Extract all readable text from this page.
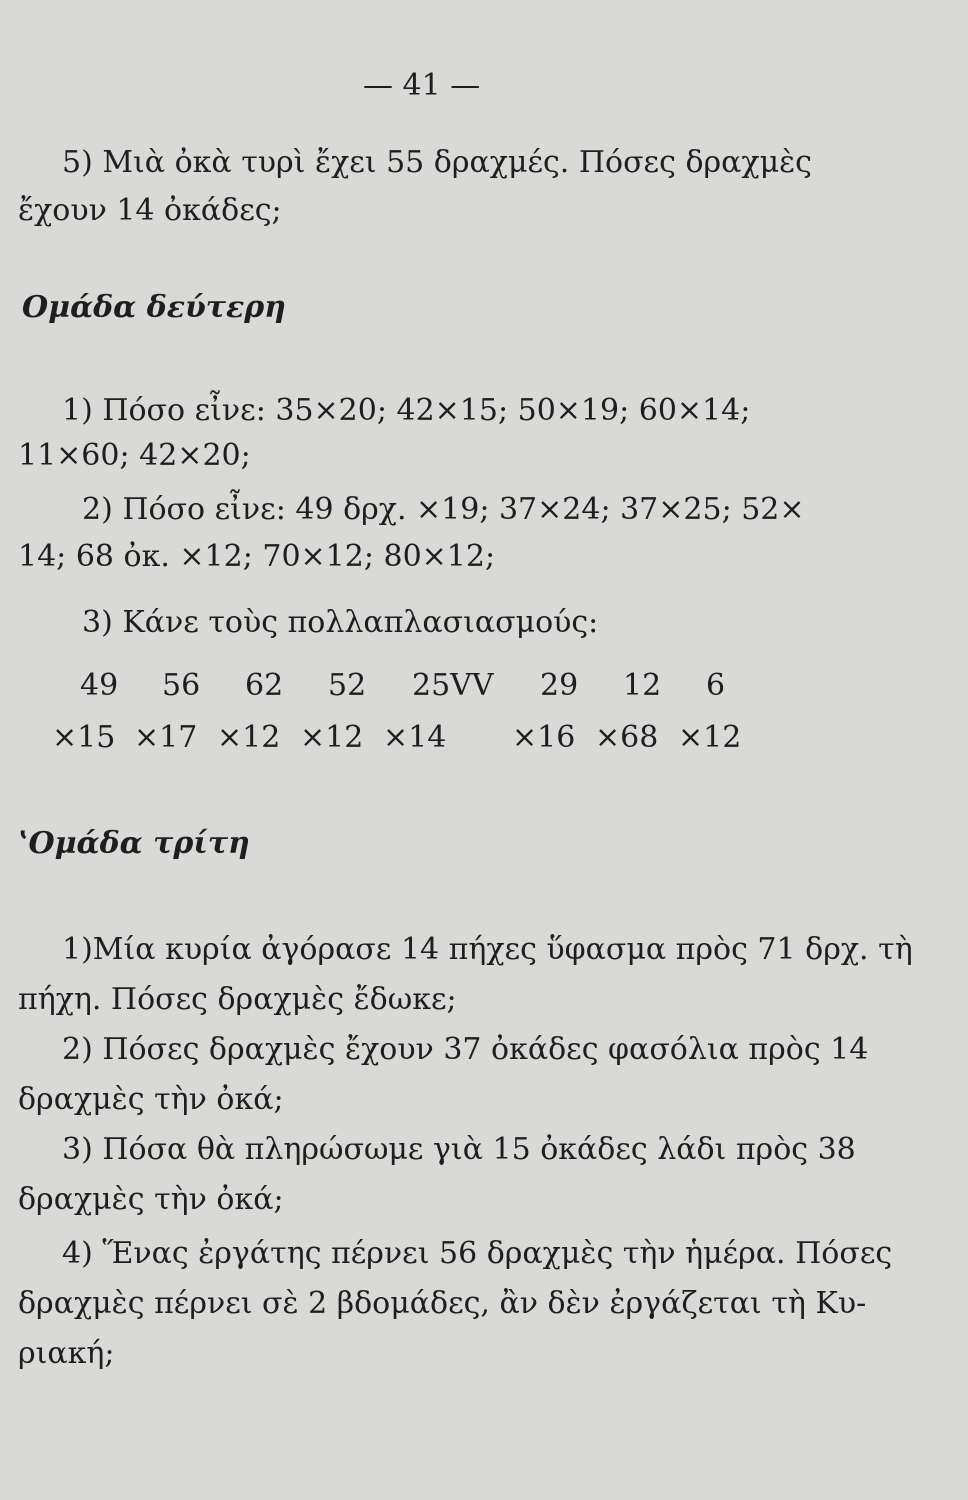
— 41 —
5) Μιὰ ὀκὰ τυρὶ ἔχει 55 δραχμές. Πόσες δραχμὲς
ἔχουν 14 ὀκάδες;
Ομάδα δεύτερη
1) Πόσο εἶνε: 35×20; 42×15; 50×19; 60×14;
11×60; 42×20;
2) Πόσο εἶνε: 49 δρχ. ×19; 37×24; 37×25; 52×
14; 68 ὀκ. ×12; 70×12; 80×12;
3) Κάνε τοὺς πολλαπλασιασμούς:
49 56 62 52 25VV 29 12 6
×15 ×17 ×12 ×12 ×14 ×16 ×68 ×12
ʽΟμάδα τρίτη
1)Μία κυρία ἀγόρασε 14 πήχες ὕφασμα πρὸς 71 δρχ. τὴ
πήχη. Πόσες δραχμὲς ἔδωκε;
2) Πόσες δραχμὲς ἔχουν 37 ὀκάδες φασόλια πρὸς 14
δραχμὲς τὴν ὀκά;
3) Πόσα θὰ πληρώσωμε γιὰ 15 ὀκάδες λάδι πρὸς 38
δραχμὲς τὴν ὀκά;
4) Ἕνας ἐργάτης πέρνει 56 δραχμὲς τὴν ἡμέρα. Πόσες
δραχμὲς πέρνει σὲ 2 βδομάδες, ἂν δὲν ἐργάζεται τὴ Κυ-
ριακή;
